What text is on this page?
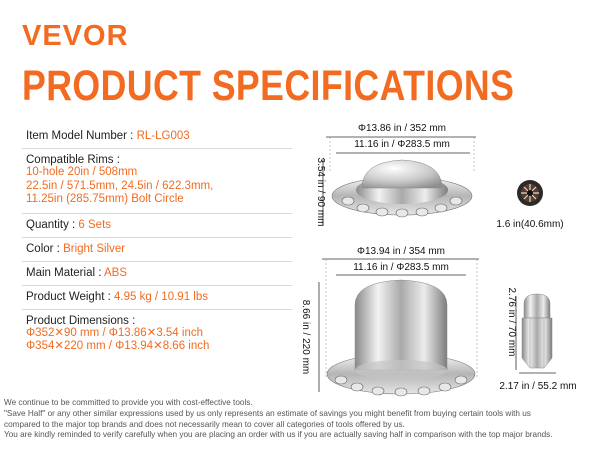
VEVOR
PRODUCT SPECIFICATIONS
Item Model Number : RL-LG003
Compatible Rims :
10-hole 20in / 508mm
22.5in / 571.5mm, 24.5in / 622.3mm,
11.25in (285.75mm) Bolt Circle
Quantity : 6 Sets
Color : Bright Silver
Main Material : ABS
Product Weight : 4.95 kg / 10.91 lbs
Product Dimensions :
Φ352✕90 mm / Φ13.86✕3.54 inch
Φ354✕220 mm / Φ13.94✕8.66 inch
Φ13.86 in / 352 mm
11.16 in / Φ283.5 mm
3.54 in / 90 mm	1.6 in(40.6mm)
Φ13.94 in / 354 mm
11.16 in / Φ283.5 mm
8.66 in / 220 mm	2.76 in / 70 mm
2.17 in / 55.2 mm
We continue to be committed to provide you with cost-effective tools.
"Save Half" or any other similar expressions used by us only represents an estimate of savings you might benefit from buying certain tools with us
compared to the major top brands and does not necessarily mean to cover all categories of tools offered by us.
You are kindly reminded to verify carefully when you are placing an order with us if you are actually saving half in comparison with the top major brands.
